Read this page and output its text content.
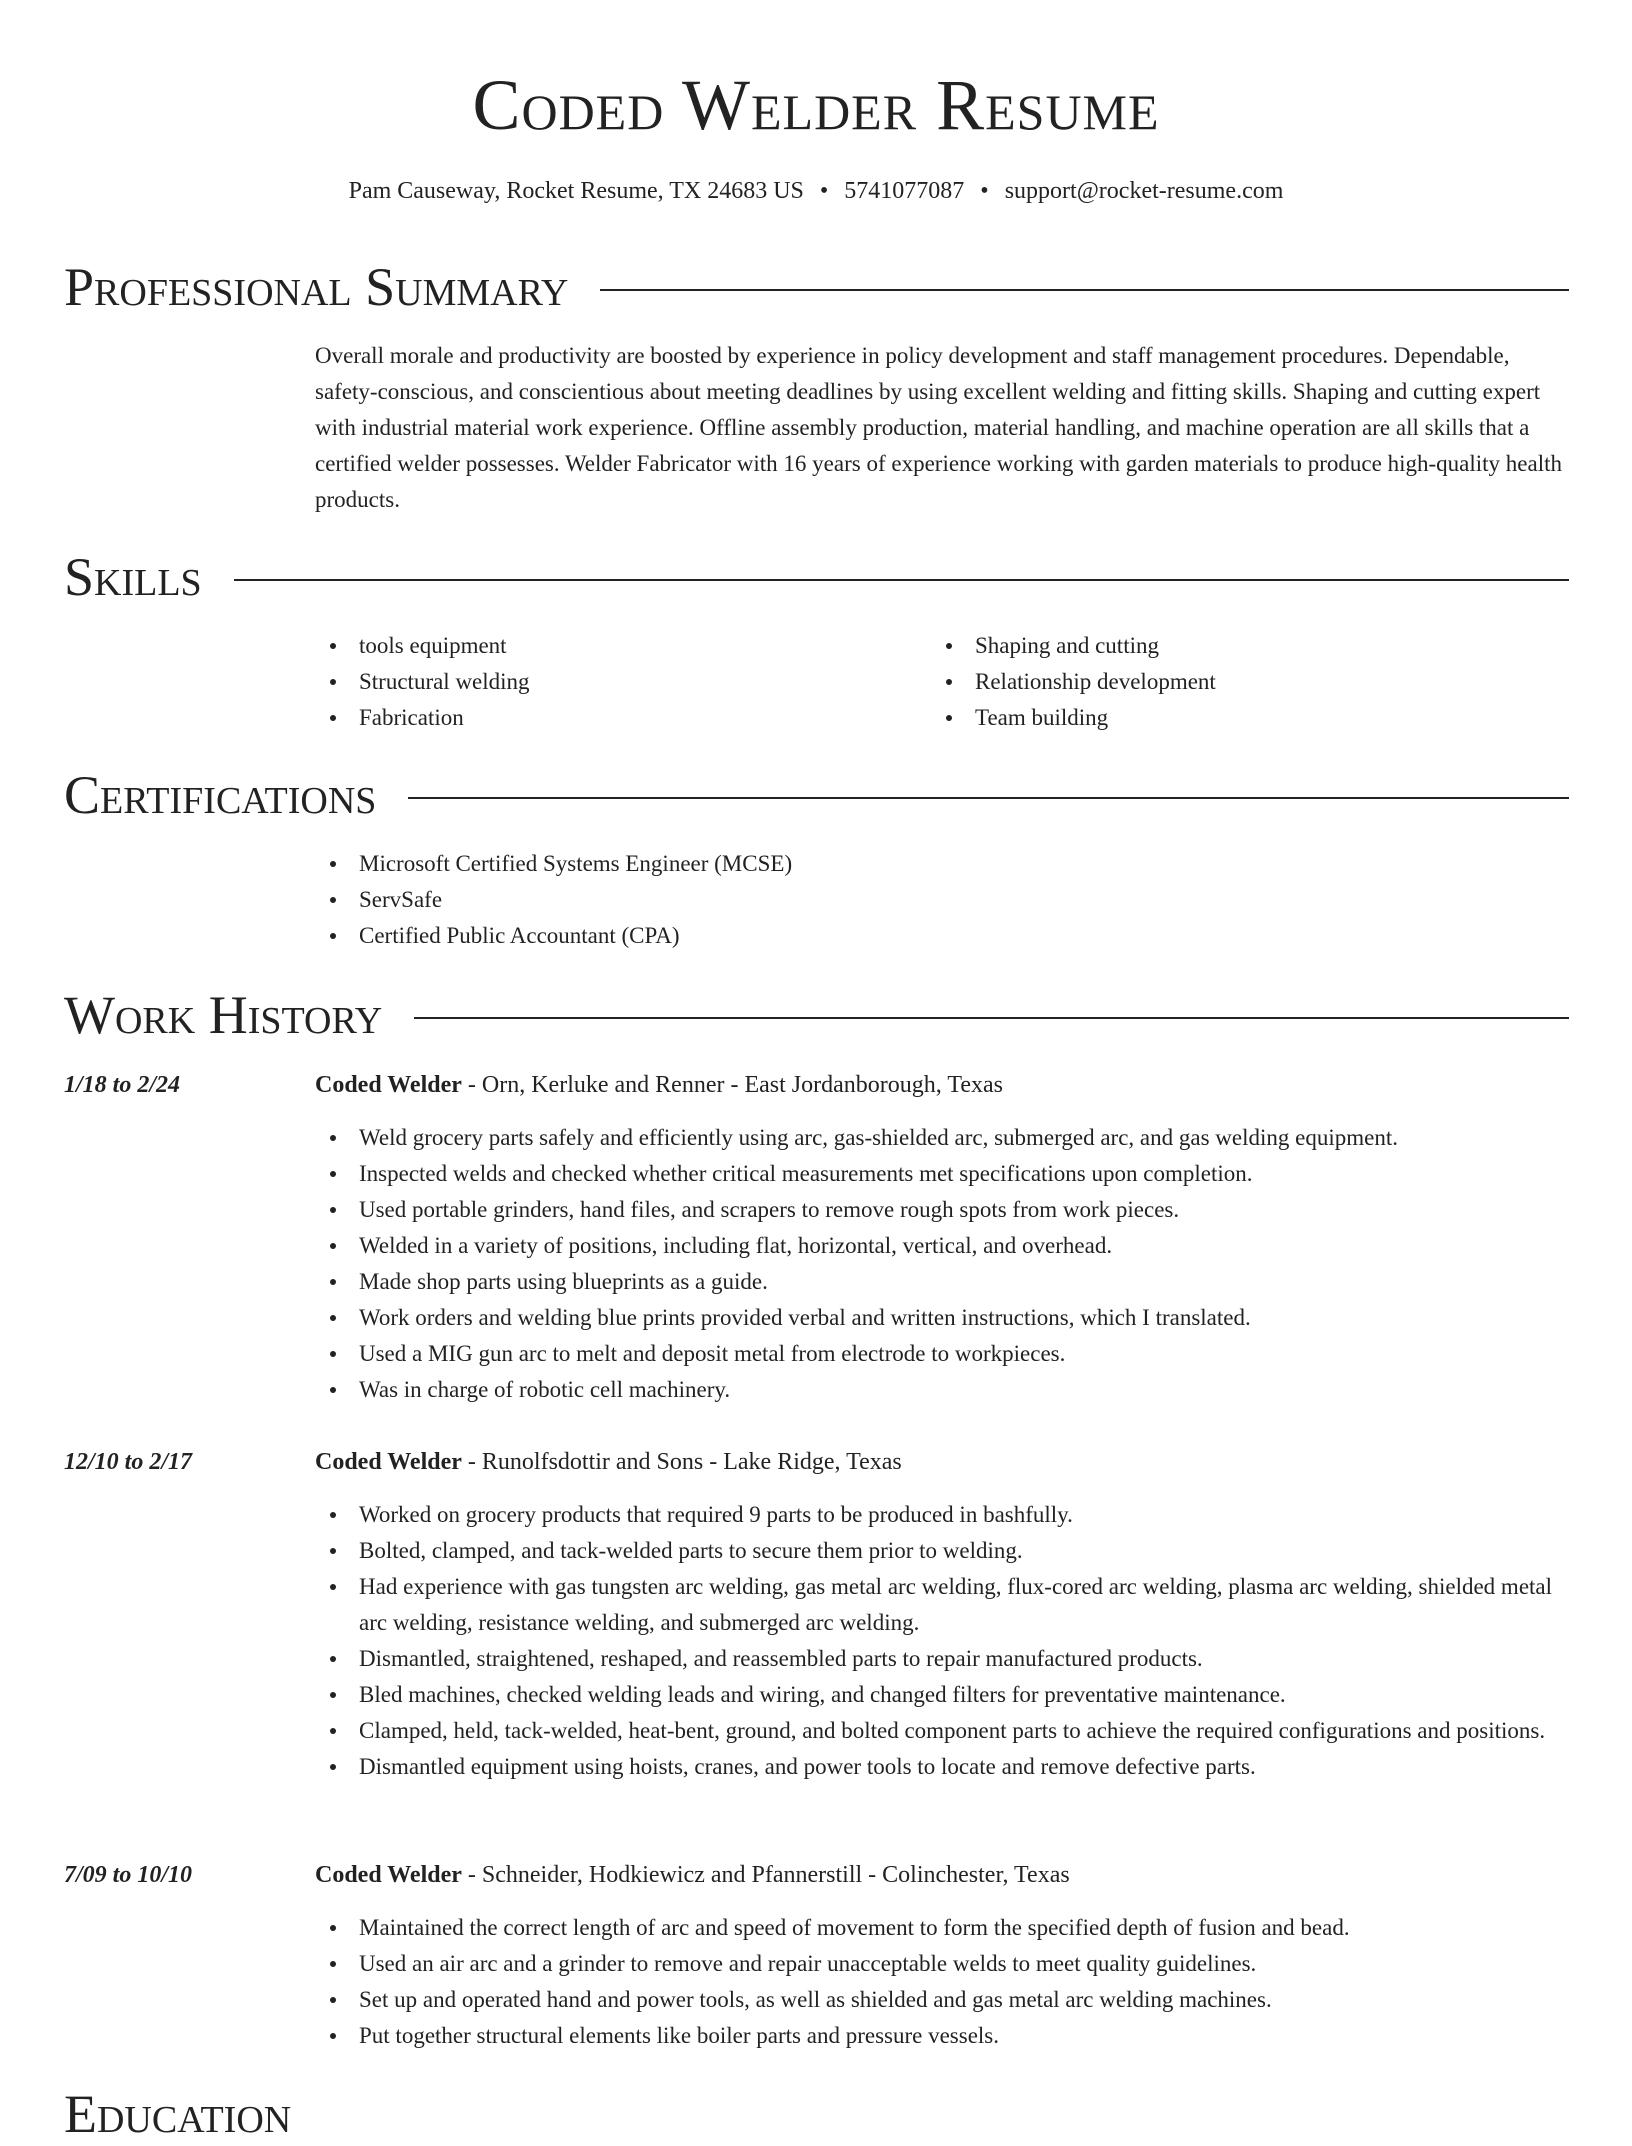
Coded Welder Resume
Pam Causeway, Rocket Resume, TX 24683 US • 5741077087 • support@rocket-resume.com
Professional Summary
Overall morale and productivity are boosted by experience in policy development and staff management procedures. Dependable, safety-conscious, and conscientious about meeting deadlines by using excellent welding and fitting skills. Shaping and cutting expert with industrial material work experience. Offline assembly production, material handling, and machine operation are all skills that a certified welder possesses. Welder Fabricator with 16 years of experience working with garden materials to produce high-quality health products.
Skills
tools equipment
Structural welding
Fabrication
Shaping and cutting
Relationship development
Team building
Certifications
Microsoft Certified Systems Engineer (MCSE)
ServSafe
Certified Public Accountant (CPA)
Work History
1/18 to 2/24	Coded Welder - Orn, Kerluke and Renner - East Jordanborough, Texas
Weld grocery parts safely and efficiently using arc, gas-shielded arc, submerged arc, and gas welding equipment.
Inspected welds and checked whether critical measurements met specifications upon completion.
Used portable grinders, hand files, and scrapers to remove rough spots from work pieces.
Welded in a variety of positions, including flat, horizontal, vertical, and overhead.
Made shop parts using blueprints as a guide.
Work orders and welding blue prints provided verbal and written instructions, which I translated.
Used a MIG gun arc to melt and deposit metal from electrode to workpieces.
Was in charge of robotic cell machinery.
12/10 to 2/17	Coded Welder - Runolfsdottir and Sons - Lake Ridge, Texas
Worked on grocery products that required 9 parts to be produced in bashfully.
Bolted, clamped, and tack-welded parts to secure them prior to welding.
Had experience with gas tungsten arc welding, gas metal arc welding, flux-cored arc welding, plasma arc welding, shielded metal arc welding, resistance welding, and submerged arc welding.
Dismantled, straightened, reshaped, and reassembled parts to repair manufactured products.
Bled machines, checked welding leads and wiring, and changed filters for preventative maintenance.
Clamped, held, tack-welded, heat-bent, ground, and bolted component parts to achieve the required configurations and positions.
Dismantled equipment using hoists, cranes, and power tools to locate and remove defective parts.
7/09 to 10/10	Coded Welder - Schneider, Hodkiewicz and Pfannerstill - Colinchester, Texas
Maintained the correct length of arc and speed of movement to form the specified depth of fusion and bead.
Used an air arc and a grinder to remove and repair unacceptable welds to meet quality guidelines.
Set up and operated hand and power tools, as well as shielded and gas metal arc welding machines.
Put together structural elements like boiler parts and pressure vessels.
Education
